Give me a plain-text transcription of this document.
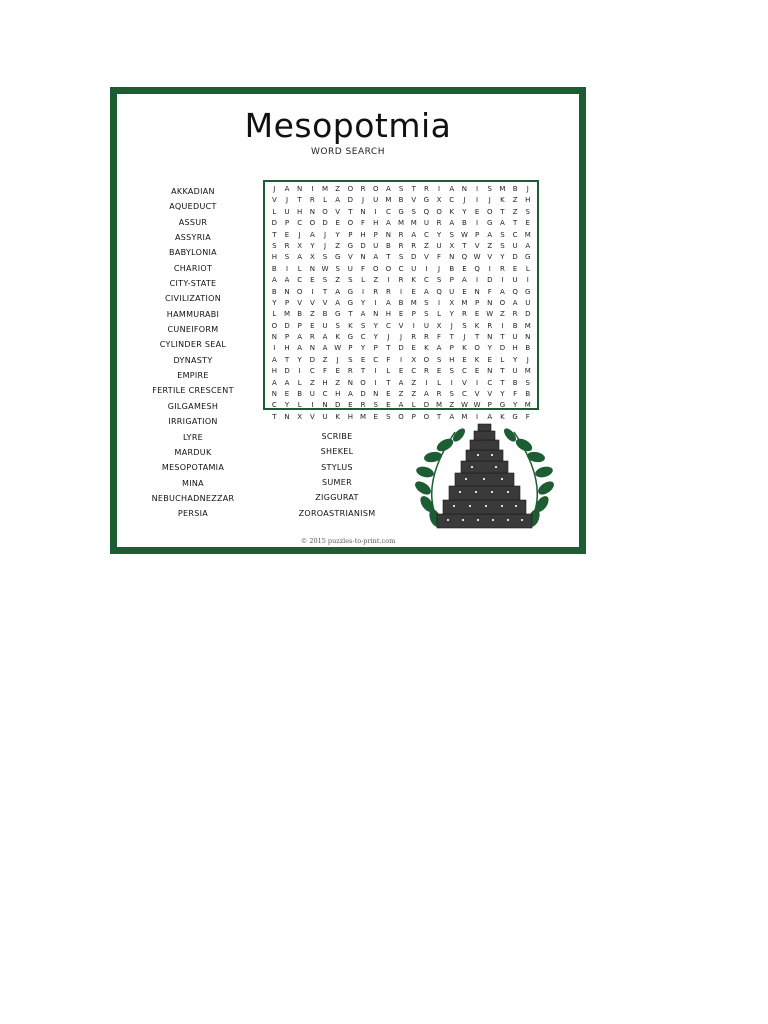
Mesopotmia
WORD SEARCH
AKKADIAN
AQUEDUCT
ASSUR
ASSYRIA
BABYLONIA
CHARIOT
CITY-STATE
CIVILIZATION
HAMMURABI
CUNEIFORM
CYLINDER SEAL
DYNASTY
EMPIRE
FERTILE CRESCENT
GILGAMESH
IRRIGATION
LYRE
MARDUK
MESOPOTAMIA
MINA
NEBUCHADNEZZAR
PERSIA
J	A	N	I	M	Z	O	R	O	A	S	T	R	I	A	N	I	S	M	B	J
V	J	T	R	L	A	D	J	U	M	B	V	G	X	C	J	I	J	K	Z	H
L	U	H	N	O	V	T	N	I	C	G	S	Q	O	K	Y	E	O	T	Z	S
D	P	C	O	D	E	O	F	H	A	M M	U	R	A	B	I	G	A	T	E
T	E	J	A	J	Y	P	H	P	N	R	A	C	Y	S W	P	A	S	C	M
S	R	X	Y	J	Z	G	D	U	B	R	R	Z	U	X	T	V	Z	S	U	A
H	S	A	X	S	G	V	N	A	T	S	D	V	F	N	Q W V	Y	D	G
B	I	L	N W S	U	F	O	O	C	U	I	J	B	E	Q	I	R	E	L
A	A	C	E	S	Z	S	L	Z	I	R	K	C	S	P	A	I	D	I	U	I
B	N	O	I	T	A	G	I	R	R	I	E	A	Q	U	E	N	F	A	Q	G
Y	P	V	V	V	A	G	Y	I	A	B	M	S	I	X	M	P	N	O	A	U
L	M	B	Z	B	G	T	A	N	H	E	P	S	L	Y	R	E	W Z	R	D
O	D	P	E	U	S	K	S	Y	C	V	I	U	X	J	S	K	R	I	B	M
N	P	A	R	A	K	G	C	Y	J	J	R	R	F	T	J	T	N	T	U	N
I	H	A	N	A W	P	Y	P	T	D	E	K	A	P	K	O	Y	D	H	B
A	T	Y	D	Z	J	S	E	C	F	I	X	O	S	H	E	K	E	L	Y	J
H	D	I	C	F	E	R	T	I	L	E	C	R	E	S	C	E	N	T	U	M
A	A	L	Z	H	Z	N	O	I	T	A	Z	I	L	I	V	I	C	T	B	S
N	E	B	U	C	H	A	D	N	E	Z	Z	A	R	S	C	V	V	Y	F	B
C	Y	L	I	N	D	E	R	S	E	A	L	D M	Z W W	P	G	Y	M
T	N	X	V	U	K	H	M	E	S	O	P	O	T	A	M	I	A	K	G	F
SCRIBE
SHEKEL
STYLUS
SUMER
ZIGGURAT
ZOROASTRIANISM
© 2015 puzzles-to-print.com
